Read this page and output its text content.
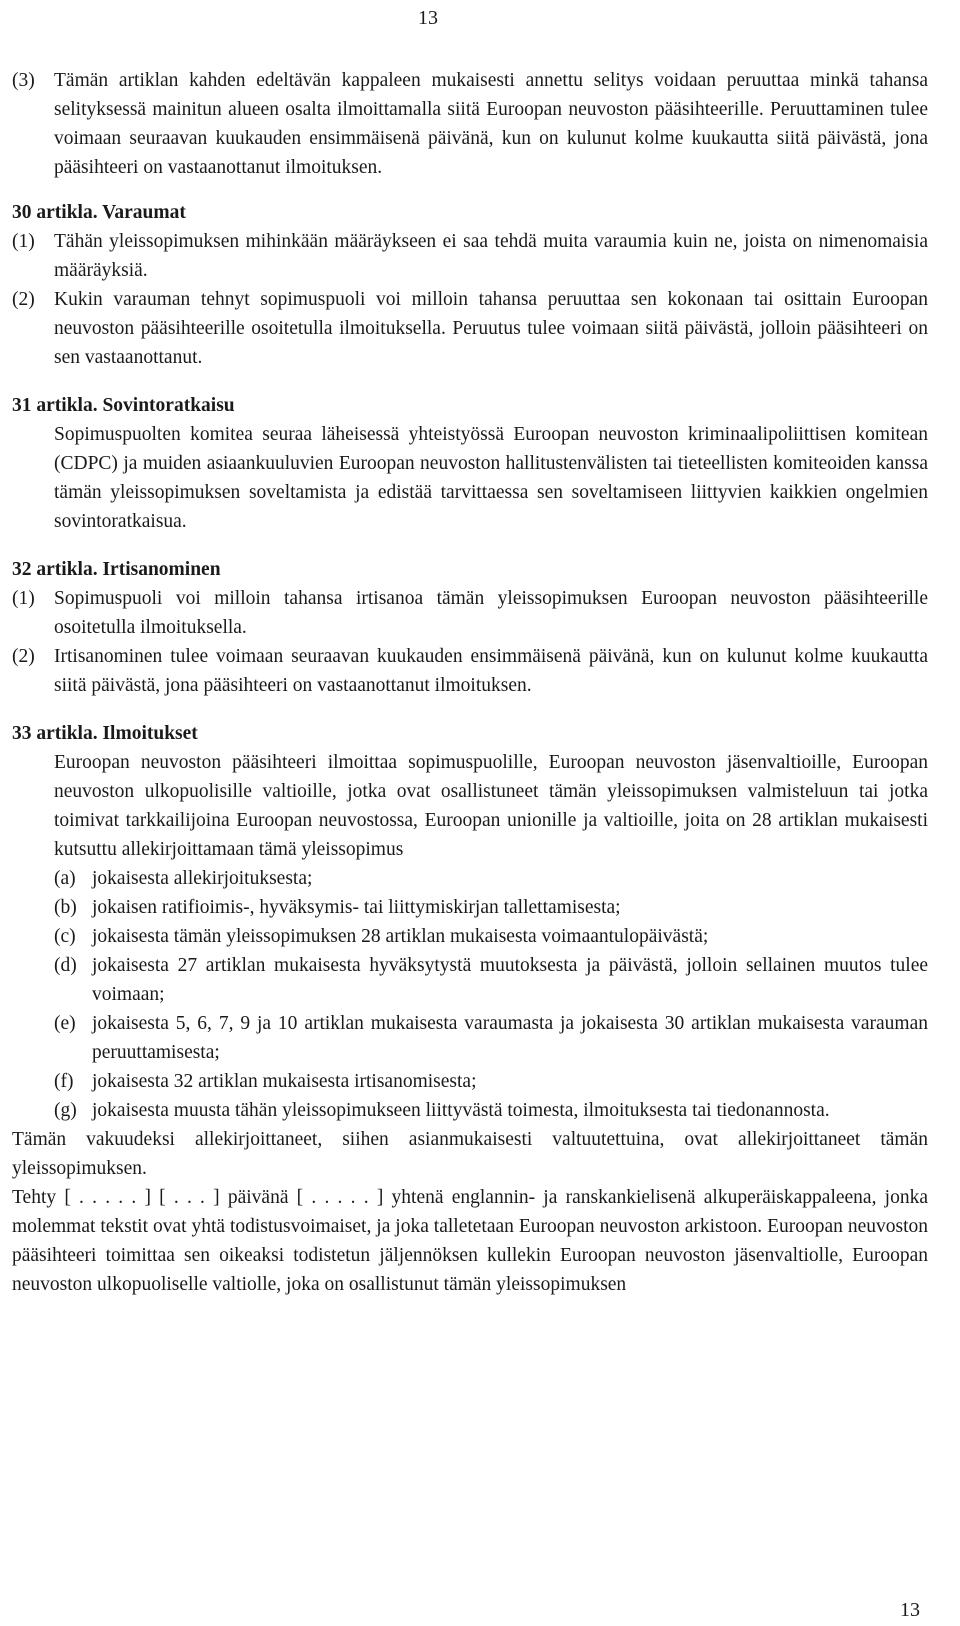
13
(3) Tämän artiklan kahden edeltävän kappaleen mukaisesti annettu selitys voidaan peruuttaa minkä tahansa selityksessä mainitun alueen osalta ilmoittamalla siitä Euroopan neuvoston pääsihteerille. Peruuttaminen tulee voimaan seuraavan kuukauden ensimmäisenä päivänä, kun on kulunut kolme kuukautta siitä päivästä, jona pääsihteeri on vastaanottanut ilmoituksen.
30 artikla. Varaumat
(1) Tähän yleissopimuksen mihinkään määräykseen ei saa tehdä muita varaumia kuin ne, joista on nimenomaisia määräyksiä.
(2) Kukin varauman tehnyt sopimuspuoli voi milloin tahansa peruuttaa sen kokonaan tai osittain Euroopan neuvoston pääsihteerille osoitetulla ilmoituksella. Peruutus tulee voimaan siitä päivästä, jolloin pääsihteeri on sen vastaanottanut.
31 artikla. Sovintoratkaisu
Sopimuspuolten komitea seuraa läheisessä yhteistyössä Euroopan neuvoston kriminaalipoliittisen komitean (CDPC) ja muiden asiaankuuluvien Euroopan neuvoston hallitustenvälisten tai tieteellisten komiteoiden kanssa tämän yleissopimuksen soveltamista ja edistää tarvittaessa sen soveltamiseen liittyvien kaikkien ongelmien sovintoratkaisua.
32 artikla. Irtisanominen
(1) Sopimuspuoli voi milloin tahansa irtisanoa tämän yleissopimuksen Euroopan neuvoston pääsihteerille osoitetulla ilmoituksella.
(2) Irtisanominen tulee voimaan seuraavan kuukauden ensimmäisenä päivänä, kun on kulunut kolme kuukautta siitä päivästä, jona pääsihteeri on vastaanottanut ilmoituksen.
33 artikla. Ilmoitukset
Euroopan neuvoston pääsihteeri ilmoittaa sopimuspuolille, Euroopan neuvoston jäsenvaltioille, Euroopan neuvoston ulkopuolisille valtioille, jotka ovat osallistuneet tämän yleissopimuksen valmisteluun tai jotka toimivat tarkkailijoina Euroopan neuvostossa, Euroopan unionille ja valtioille, joita on 28 artiklan mukaisesti kutsuttu allekirjoittamaan tämä yleissopimus
(a) jokaisesta allekirjoituksesta;
(b) jokaisen ratifioimis-, hyväksymis- tai liittymiskirjan tallettamisesta;
(c) jokaisesta tämän yleissopimuksen 28 artiklan mukaisesta voimaantulopäivästä;
(d) jokaisesta 27 artiklan mukaisesta hyväksytystä muutoksesta ja päivästä, jolloin sellainen muutos tulee voimaan;
(e) jokaisesta 5, 6, 7, 9 ja 10 artiklan mukaisesta varaumasta ja jokaisesta 30 artiklan mukaisesta varauman peruuttamisesta;
(f) jokaisesta 32 artiklan mukaisesta irtisanomisesta;
(g) jokaisesta muusta tähän yleissopimukseen liittyvästä toimesta, ilmoituksesta tai tiedonannosta.
Tämän vakuudeksi allekirjoittaneet, siihen asianmukaisesti valtuutettuina, ovat allekirjoittaneet tämän yleissopimuksen.
Tehty [ . . . . . ] [ . . . ] päivänä [ . . . . . ] yhtenä englannin- ja ranskankielisenä alkuperäiskappaleena, jonka molemmat tekstit ovat yhtä todistusvoimaiset, ja joka talletetaan Euroopan neuvoston arkistoon. Euroopan neuvoston pääsihteeri toimittaa sen oikeaksi todistetun jäljennöksen kullekin Euroopan neuvoston jäsenvaltiolle, Euroopan neuvoston ulkopuoliselle valtiolle, joka on osallistunut tämän yleissopimuksen
13
